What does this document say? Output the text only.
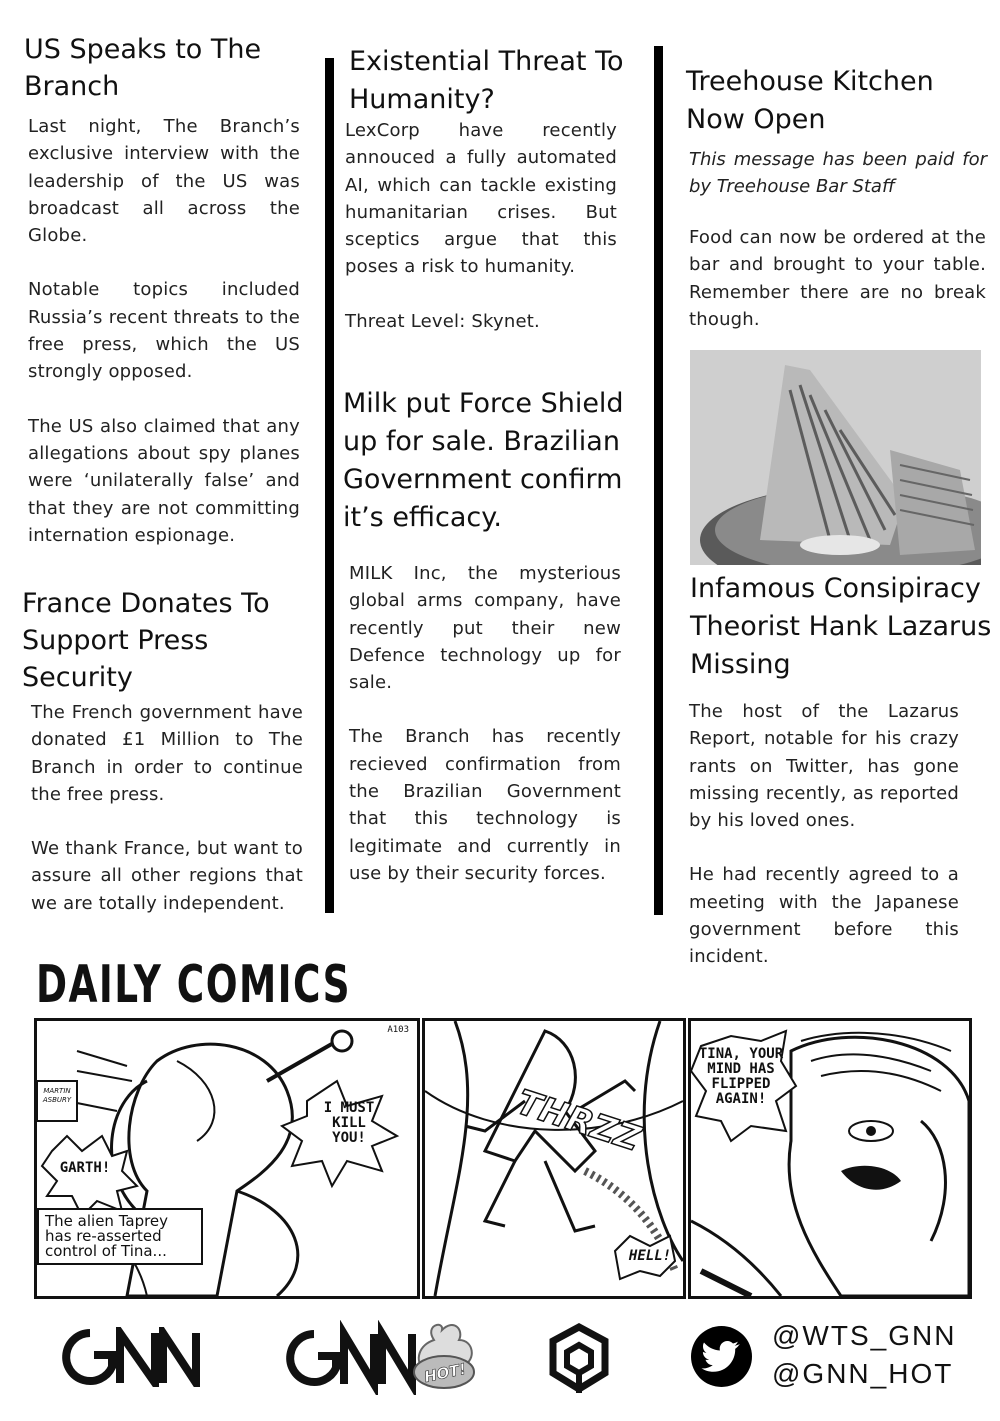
US Speaks to The Branch
Last night, The Branch’s exclusive interview with the leadership of the US was broadcast all across the Globe.
Notable topics included Russia’s recent threats to the free press, which the US strongly opposed.
The US also claimed that any allegations about spy planes were ‘unilaterally false’ and that they are not committing internation espionage.
France Donates To Support Press Security
The French government have donated £1 Million to The Branch in order to continue the free press.
We thank France, but want to assure all other regions that we are totally independent.
Existential Threat To Humanity?
LexCorp have recently annouced a fully automated AI, which can tackle existing humanitarian crises. But sceptics argue that this poses a risk to humanity.
Threat Level: Skynet.
Milk put Force Shield up for sale. Brazilian Government confirm it’s efficacy.
MILK Inc, the mysterious global arms company, have recently put their new Defence technology up for sale.
The Branch has recently recieved confirmation from the Brazilian Government that this technology is legitimate and currently in use by their security forces.
Treehouse Kitchen Now Open
This message has been paid for by Treehouse Bar Staff
Food can now be ordered at the bar and brought to your table. Remember there are no break though.
Infamous Consipiracy Theorist Hank Lazarus Missing
The host of the Lazarus Report, notable for his crazy rants on Twitter, has gone missing recently, as reported by his loved ones.
He had recently agreed to a meeting with the Japanese government before this incident.
DAILY COMICS
A103
MARTIN ASBURY
GARTH!
I MUST KILL YOU!
The alien Taprey has re-asserted control of Tina...
THRZZ
HELL!
TINA, YOUR MIND HAS FLIPPED AGAIN!
HOT!
@WTS_GNN
@GNN_HOT
